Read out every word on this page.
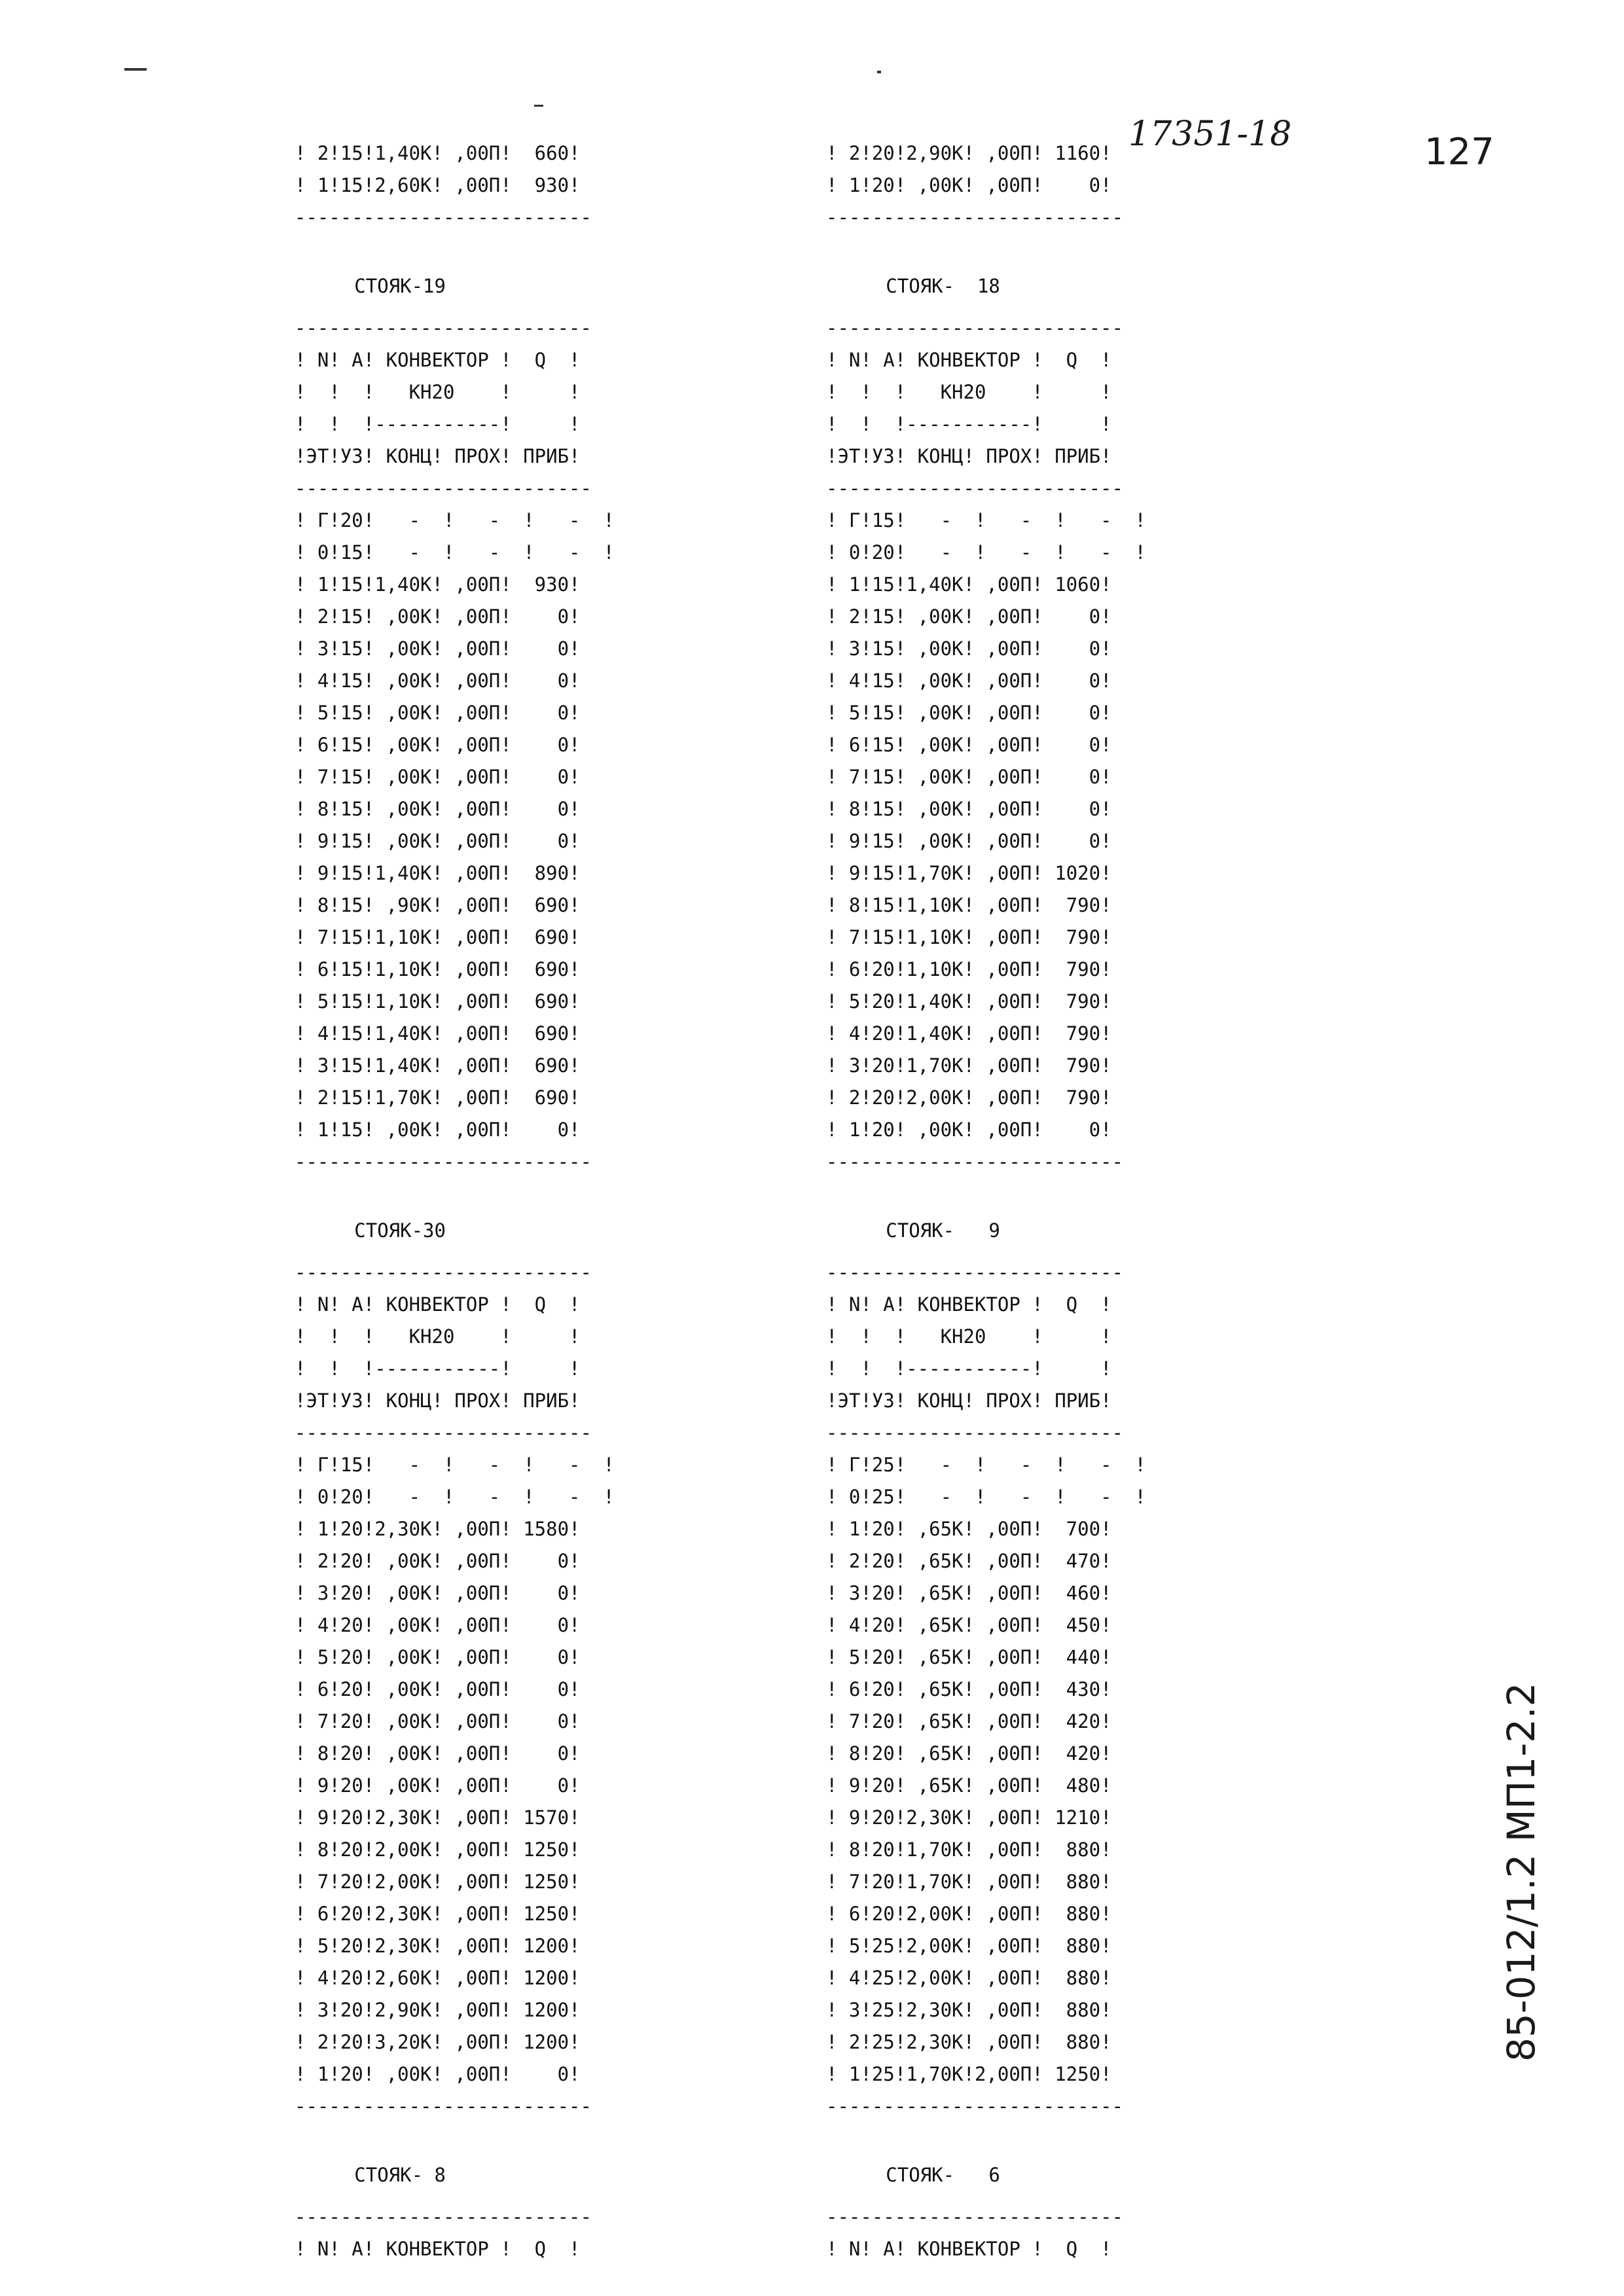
17351-18	127
85-012/1.2 МП1-2.2
! 2!15!1,40К! ,00П!  660!
! 1!15!2,60К! ,00П!  930!
--------------------------
СТОЯК-19
--------------------------
! N! А! КОНВЕКТОР !  Q  !
!  !  !   КН20    !     !
!  !  !-----------!     !
!ЭТ!УЗ! КОНЦ! ПРОХ! ПРИБ!
--------------------------
! Г!20!   -  !   -  !   -  !
! 0!15!   -  !   -  !   -  !
! 1!15!1,40К! ,00П!  930!
! 2!15! ,00К! ,00П!    0!
! 3!15! ,00К! ,00П!    0!
! 4!15! ,00К! ,00П!    0!
! 5!15! ,00К! ,00П!    0!
! 6!15! ,00К! ,00П!    0!
! 7!15! ,00К! ,00П!    0!
! 8!15! ,00К! ,00П!    0!
! 9!15! ,00К! ,00П!    0!
! 9!15!1,40К! ,00П!  890!
! 8!15! ,90К! ,00П!  690!
! 7!15!1,10К! ,00П!  690!
! 6!15!1,10К! ,00П!  690!
! 5!15!1,10К! ,00П!  690!
! 4!15!1,40К! ,00П!  690!
! 3!15!1,40К! ,00П!  690!
! 2!15!1,70К! ,00П!  690!
! 1!15! ,00К! ,00П!    0!
--------------------------
СТОЯК-30
--------------------------
! N! А! КОНВЕКТОР !  Q  !
!  !  !   КН20    !     !
!  !  !-----------!     !
!ЭТ!УЗ! КОНЦ! ПРОХ! ПРИБ!
--------------------------
! Г!15!   -  !   -  !   -  !
! 0!20!   -  !   -  !   -  !
! 1!20!2,30К! ,00П! 1580!
! 2!20! ,00К! ,00П!    0!
! 3!20! ,00К! ,00П!    0!
! 4!20! ,00К! ,00П!    0!
! 5!20! ,00К! ,00П!    0!
! 6!20! ,00К! ,00П!    0!
! 7!20! ,00К! ,00П!    0!
! 8!20! ,00К! ,00П!    0!
! 9!20! ,00К! ,00П!    0!
! 9!20!2,30К! ,00П! 1570!
! 8!20!2,00К! ,00П! 1250!
! 7!20!2,00К! ,00П! 1250!
! 6!20!2,30К! ,00П! 1250!
! 5!20!2,30К! ,00П! 1200!
! 4!20!2,60К! ,00П! 1200!
! 3!20!2,90К! ,00П! 1200!
! 2!20!3,20К! ,00П! 1200!
! 1!20! ,00К! ,00П!    0!
--------------------------
СТОЯК- 8
--------------------------
! N! А! КОНВЕКТОР !  Q  !
! 2!20!2,90К! ,00П! 1160!
! 1!20! ,00К! ,00П!    0!
--------------------------
СТОЯК-  18
--------------------------
! N! А! КОНВЕКТОР !  Q  !
!  !  !   КН20    !     !
!  !  !-----------!     !
!ЭТ!УЗ! КОНЦ! ПРОХ! ПРИБ!
--------------------------
! Г!15!   -  !   -  !   -  !
! 0!20!   -  !   -  !   -  !
! 1!15!1,40К! ,00П! 1060!
! 2!15! ,00К! ,00П!    0!
! 3!15! ,00К! ,00П!    0!
! 4!15! ,00К! ,00П!    0!
! 5!15! ,00К! ,00П!    0!
! 6!15! ,00К! ,00П!    0!
! 7!15! ,00К! ,00П!    0!
! 8!15! ,00К! ,00П!    0!
! 9!15! ,00К! ,00П!    0!
! 9!15!1,70К! ,00П! 1020!
! 8!15!1,10К! ,00П!  790!
! 7!15!1,10К! ,00П!  790!
! 6!20!1,10К! ,00П!  790!
! 5!20!1,40К! ,00П!  790!
! 4!20!1,40К! ,00П!  790!
! 3!20!1,70К! ,00П!  790!
! 2!20!2,00К! ,00П!  790!
! 1!20! ,00К! ,00П!    0!
--------------------------
СТОЯК-   9
--------------------------
! N! А! КОНВЕКТОР !  Q  !
!  !  !   КН20    !     !
!  !  !-----------!     !
!ЭТ!УЗ! КОНЦ! ПРОХ! ПРИБ!
--------------------------
! Г!25!   -  !   -  !   -  !
! 0!25!   -  !   -  !   -  !
! 1!20! ,65К! ,00П!  700!
! 2!20! ,65К! ,00П!  470!
! 3!20! ,65К! ,00П!  460!
! 4!20! ,65К! ,00П!  450!
! 5!20! ,65К! ,00П!  440!
! 6!20! ,65К! ,00П!  430!
! 7!20! ,65К! ,00П!  420!
! 8!20! ,65К! ,00П!  420!
! 9!20! ,65К! ,00П!  480!
! 9!20!2,30К! ,00П! 1210!
! 8!20!1,70К! ,00П!  880!
! 7!20!1,70К! ,00П!  880!
! 6!20!2,00К! ,00П!  880!
! 5!25!2,00К! ,00П!  880!
! 4!25!2,00К! ,00П!  880!
! 3!25!2,30К! ,00П!  880!
! 2!25!2,30К! ,00П!  880!
! 1!25!1,70К!2,00П! 1250!
--------------------------
СТОЯК-   6
--------------------------
! N! А! КОНВЕКТОР !  Q  !
